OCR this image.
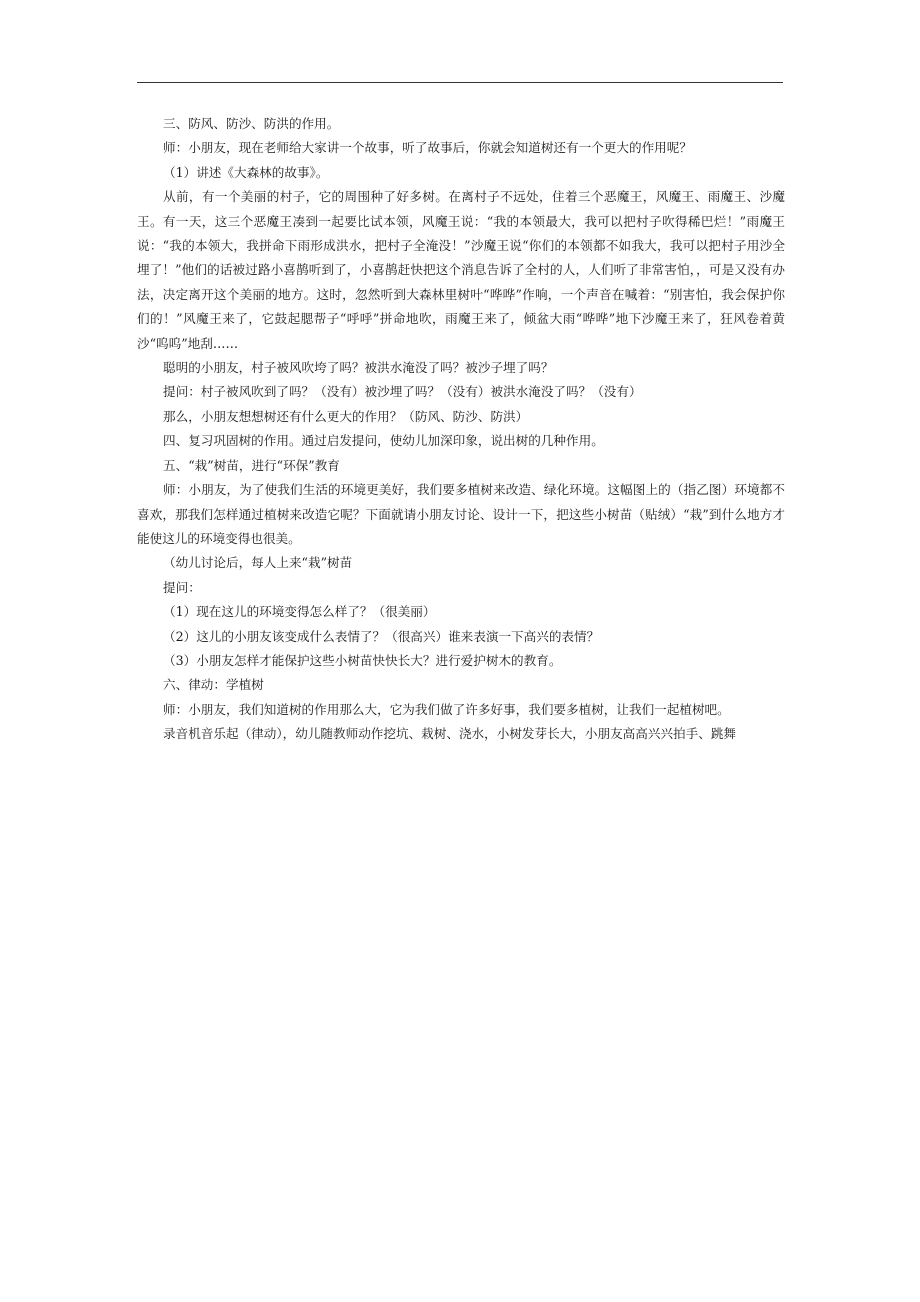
三、防风、防沙、防洪的作用。

师：小朋友，现在老师给大家讲一个故事，听了故事后，你就会知道树还有一个更大的作用呢？

（1）讲述《大森林的故事》。

从前，有一个美丽的村子，它的周围种了好多树。在离村子不远处，住着三个恶魔王，风魔王、雨魔王、沙魔王。有一天，这三个恶魔王凑到一起要比试本领，风魔王说：“我的本领最大，我可以把村子吹得稀巴烂！”雨魔王说：“我的本领大，我拼命下雨形成洪水，把村子全淹没！”沙魔王说“你们的本领都不如我大，我可以把村子用沙全埋了！”他们的话被过路小喜鹊听到了，小喜鹊赶快把这个消息告诉了全村的人，人们听了非常害怕，，可是又没有办法，决定离开这个美丽的地方。这时，忽然听到大森林里树叶“哗哗”作响，一个声音在喊着：“别害怕，我会保护你们的！”风魔王来了，它鼓起腮帮子“呼呼”拼命地吹，雨魔王来了，倾盆大雨“哗哗”地下沙魔王来了，狂风卷着黄沙“呜呜”地刮……

聪明的小朋友，村子被风吹垮了吗？被洪水淹没了吗？被沙子埋了吗？

提问：村子被风吹到了吗？（没有）被沙埋了吗？（没有）被洪水淹没了吗？（没有）

那么，小朋友想想树还有什么更大的作用？（防风、防沙、防洪）

四、复习巩固树的作用。通过启发提问，使幼儿加深印象，说出树的几种作用。

五、“栽”树苗，进行“环保”教育

师：小朋友，为了使我们生活的环境更美好，我们要多植树来改造、绿化环境。这幅图上的（指乙图）环境都不喜欢，那我们怎样通过植树来改造它呢？下面就请小朋友讨论、设计一下，把这些小树苗（贴绒）“栽”到什么地方才能使这儿的环境变得也很美。

（幼儿讨论后，每人上来“栽”树苗

提问：

（1）现在这儿的环境变得怎么样了？（很美丽）

（2）这儿的小朋友该变成什么表情了？（很高兴）谁来表演一下高兴的表情？

（3）小朋友怎样才能保护这些小树苗快快长大？进行爱护树木的教育。

六、律动：学植树

师：小朋友，我们知道树的作用那么大，它为我们做了许多好事，我们要多植树，让我们一起植树吧。

录音机音乐起（律动），幼儿随教师动作挖坑、栽树、浇水，小树发芽长大，小朋友高高兴兴拍手、跳舞
